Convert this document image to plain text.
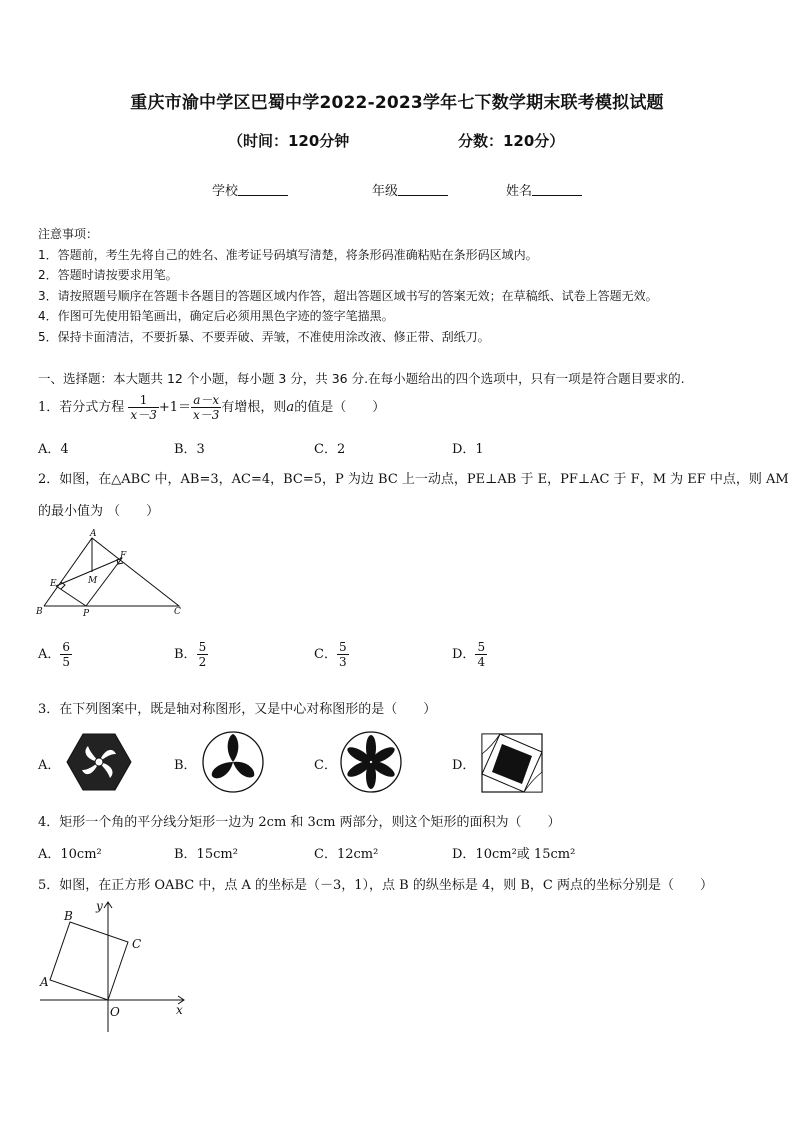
重庆市渝中学区巴蜀中学2022-2023学年七下数学期末联考模拟试题
（时间：120分钟	分数：120分）
学校	年级	姓名
注意事项：
1．答题前，考生先将自己的姓名、准考证号码填写清楚，将条形码准确粘贴在条形码区域内。
2．答题时请按要求用笔。
3．请按照题号顺序在答题卡各题目的答题区域内作答，超出答题区域书写的答案无效；在草稿纸、试卷上答题无效。
4．作图可先使用铅笔画出，确定后必须用黑色字迹的签字笔描黑。
5．保持卡面清洁，不要折暴、不要弄破、弄皱，不准使用涂改液、修正带、刮纸刀。
一、选择题：本大题共 12 个小题，每小题 3 分，共 36 分.在每小题给出的四个选项中，只有一项是符合题目要求的.
1．若分式方程 $\frac{1}{x-3} +1= \frac{a-x}{x-3}$ 有增根，则a的值是（　　）
A．4	B．3	C．2	D．1
2．如图，在△ABC 中，AB=3，AC=4，BC=5，P 为边 BC 上一动点，PE⊥AB 于 E，PF⊥AC 于 F，M 为 EF 中点，则 AM
的最小值为 （　　）
A
B	C
E
F
M
P
A． $\frac{6}{5}$	B． $\frac{5}{2}$	C． $\frac{5}{3}$	D． $\frac{5}{4}$
3．在下列图案中，既是轴对称图形，又是中心对称图形的是（　　）
A．	B．	C．	D．
4．矩形一个角的平分线分矩形一边为 2cm 和 3cm 两部分，则这个矩形的面积为（　　）
A．10cm²	B．15cm²	C．12cm²	D．10cm²或 15cm²
5．如图，在正方形 OABC 中，点 A 的坐标是（－3，1），点 B 的纵坐标是 4，则 B，C 两点的坐标分别是（　　）
y
x
O
A
B
C
